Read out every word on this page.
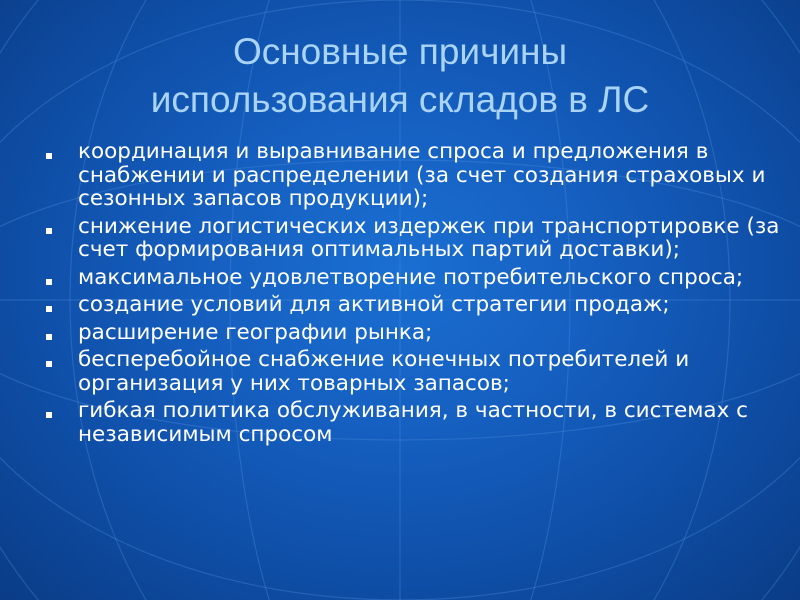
Основные причины
использования складов в ЛС
координация и выравнивание спроса и предложения в снабжении и распределении (за счет создания страховых и сезонных запасов продукции);
снижение логистических издержек при транспортировке (за счет формирования оптимальных партий доставки);
максимальное удовлетворение потребительского спроса;
создание условий для активной стратегии продаж;
расширение географии рынка;
бесперебойное снабжение конечных потребителей и организация у них товарных запасов;
гибкая политика обслуживания, в частности, в системах с независимым спросом
